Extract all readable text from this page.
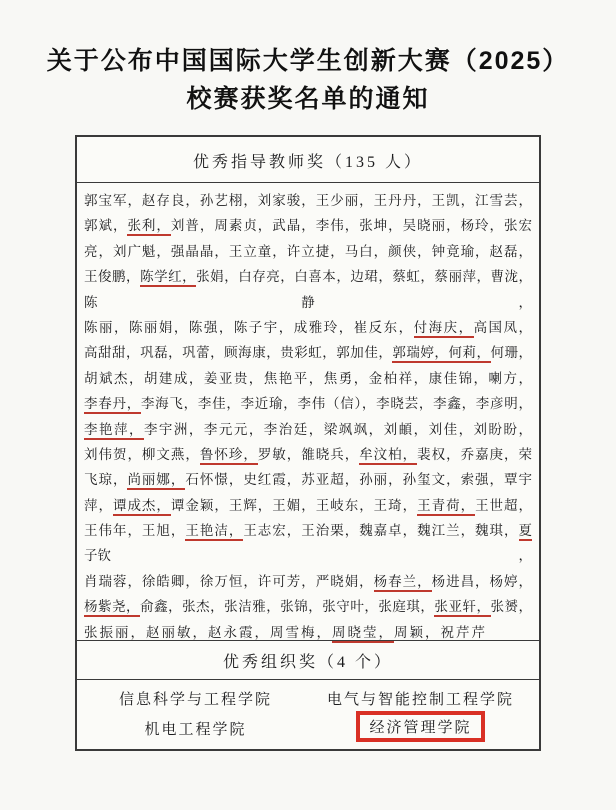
关于公布中国国际大学生创新大赛（2025）
校赛获奖名单的通知
优秀指导教师奖（135 人）
郭宝军，赵存良，孙艺栩，刘家骏，王少丽，王丹丹，王凯，江雪芸，
郭斌，张利，刘普，周素贞，武晶，李伟，张坤，吴晓丽，杨玲，张宏
亮，刘广魁，强晶晶，王立童，许立捷，马白，颜侠，钟竟瑜，赵磊，
王俊鹏，陈学红，张娟，白存亮，白喜本，边珺，蔡虹，蔡丽萍，曹泷，
陈	静	，
陈丽，陈丽娟，陈强，陈子宇，成雅玲，崔反东，付海庆，高国凤，
高甜甜，巩磊，巩蕾，顾海康，贵彩虹，郭加佳，郭瑞婷，何莉，何珊，
胡斌杰，胡建成，姜亚贵，焦艳平，焦勇，金柏祥，康佳锦，喇方，
李春丹，李海飞，李佳，李近瑜，李伟（信），李晓芸，李鑫，李彦明，
李艳萍，李宇洲，李元元，李治廷，梁飒飒，刘頔，刘佳，刘盼盼，
刘伟贺，柳文燕，鲁怀珍，罗敏，雒晓兵，牟汶柏，裴权，乔嘉庚，荣
飞琼，尚丽娜，石怀憬，史红霞，苏亚超，孙丽，孙玺文，索强，覃宇
萍，谭成杰，谭金颖，王辉，王媚，王岐东，王琦，王青荷，王世超，
王伟年，王旭，王艳洁，王志宏，王治栗，魏嘉卓，魏江兰，魏琪，夏
子钦	，
肖瑞蓉，徐皓卿，徐万恒，许可芳，严晓娟，杨春兰，杨进昌，杨婷，
杨紫尧，俞鑫，张杰，张洁雅，张锦，张守叶，张庭琪，张亚轩，张赟，
张振丽，赵丽敏，赵永霞，周雪梅，周晓莹，周颖，祝芹芹
优秀组织奖（4 个）
信息科学与工程学院	电气与智能控制工程学院
机电工程学院	经济管理学院
